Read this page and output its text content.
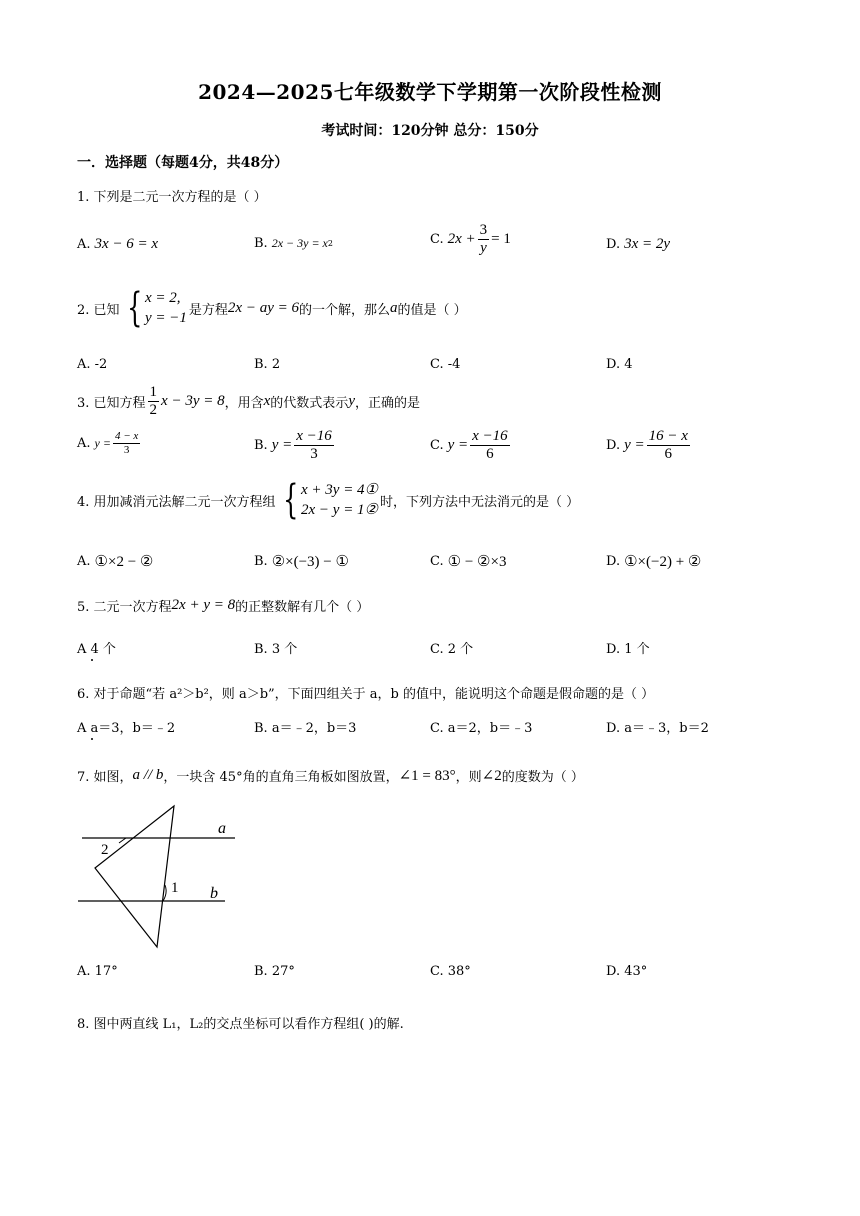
2024—2025七年级数学下学期第一次阶段性检测
考试时间：120分钟 总分：150分
一．选择题（每题4分，共48分）
1. 下列是二元一次方程的是（ ）
A. 3x − 6 = x	B. 2x − 3y = x 2	C. $2x + \frac{3}{y} = 1$	D. 3x = 2y
2. 已知 { x = 2,
y = −1 是方程 2x − ay = 6 的一个解，那么 a 的值是（ ）
A. -2	B. 2	C. -4	D. 4
3. 已知方程 $\frac{1}{2}$ x − 3y = 8 ，用含 x 的代数式表示 y ，正确的是
A. $y = \frac{4 - x}{3}$	B. $y = \frac{x -16}{3}$	C. $y = \frac{x -16}{6}$	D. $y = \frac{16 - x}{6}$
4. 用加减消元法解二元一次方程组 { x + 3y = 4①
2x − y = 1② 时，下列方法中无法消元的是（ ）
A. ①×2 − ②	B. ②×(−3) − ①	C. ① − ②×3	D. ①×(−2) + ②
5. 二元一次方程 2x + y = 8 的正整数解有几个（ ）
A 4 个	B. 3 个	C. 2 个	D. 1 个
6. 对于命题“若 a²＞b²，则 a＞b”，下面四组关于 a，b 的值中，能说明这个命题是假命题的是（ ）
A a＝3，b＝﹣2	B. a＝﹣2，b＝3	C. a＝2，b＝﹣3	D. a＝﹣3，b＝2
7. 如图， a // b ，一块含 45°角的直角三角板如图放置， ∠1 = 83° ，则 ∠2 的度数为（ ）
a
b
1
2
A. 17°	B. 27°	C. 38°	D. 43°
8. 图中两直线 L₁，L₂的交点坐标可以看作方程组( )的解.
